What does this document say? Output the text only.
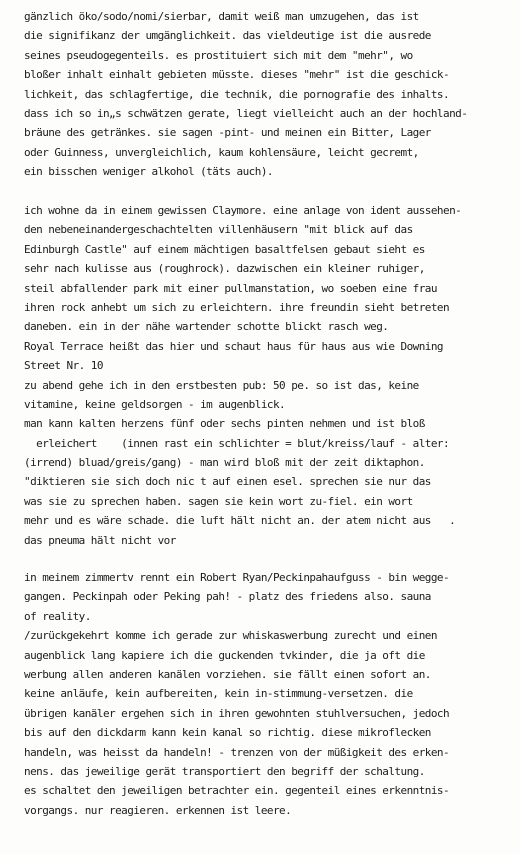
gänzlich öko/sodo/nomi/sierbar, damit weiß man umzugehen, das ist
die signifikanz der umgänglichkeit. das vieldeutige ist die ausrede
seines pseudogegenteils. es prostituiert sich mit dem "mehr", wo
bloßer inhalt einhalt gebieten müsste. dieses "mehr" ist die geschick-
lichkeit, das schlagfertige, die technik, die pornografie des inhalts.
dass ich so in„s schwätzen gerate, liegt vielleicht auch an der hochland-
bräune des getränkes. sie sagen -pint- und meinen ein Bitter, Lager
oder Guinness, unvergleichlich, kaum kohlensäure, leicht gecremt,
ein bisschen weniger alkohol (täts auch).
ich wohne da in einem gewissen Claymore. eine anlage von ident aussehen-
den nebeneinandergeschachtelten villenhäusern "mit blick auf das
Edinburgh Castle" auf einem mächtigen basaltfelsen gebaut sieht es
sehr nach kulisse aus (roughrock). dazwischen ein kleiner ruhiger,
steil abfallender park mit einer pullmanstation, wo soeben eine frau
ihren rock anhebt um sich zu erleichtern. ihre freundin sieht betreten
daneben. ein in der nähe wartender schotte blickt rasch weg.
Royal Terrace heißt das hier und schaut haus für haus aus wie Downing
Street Nr. 10
zu abend gehe ich in den erstbesten pub: 50 pe. so ist das, keine
vitamine, keine geldsorgen - im augenblick.
man kann kalten herzens fünf oder sechs pinten nehmen und ist bloß
erleichert    (innen rast ein schlichter = blut/kreiss/lauf - alter:
(irrend) bluad/greis/gang) - man wird bloß mit der zeit diktaphon.
"diktieren sie sich doch nic t auf einen esel. sprechen sie nur das
was sie zu sprechen haben. sagen sie kein wort zu-fiel. ein wort
mehr und es wäre schade. die luft hält nicht an. der atem nicht aus   .
das pneuma hält nicht vor
in meinem zimmertv rennt ein Robert Ryan/Peckinpahaufguss - bin wegge-
gangen. Peckinpah oder Peking pah! - platz des friedens also. sauna
of reality.
/zurückgekehrt komme ich gerade zur whiskaswerbung zurecht und einen
augenblick lang kapiere ich die guckenden tvkinder, die ja oft die
werbung allen anderen kanälen vorziehen. sie fällt einen sofort an.
keine anläufe, kein aufbereiten, kein in-stimmung-versetzen. die
übrigen kanäler ergehen sich in ihren gewohnten stuhlversuchen, jedoch
bis auf den dickdarm kann kein kanal so richtig. diese mikroflecken
handeln, was heisst da handeln! - trenzen von der müßigkeit des erken-
nens. das jeweilige gerät transportiert den begriff der schaltung.
es schaltet den jeweiligen betrachter ein. gegenteil eines erkenntnis-
vorgangs. nur reagieren. erkennen ist leere.
